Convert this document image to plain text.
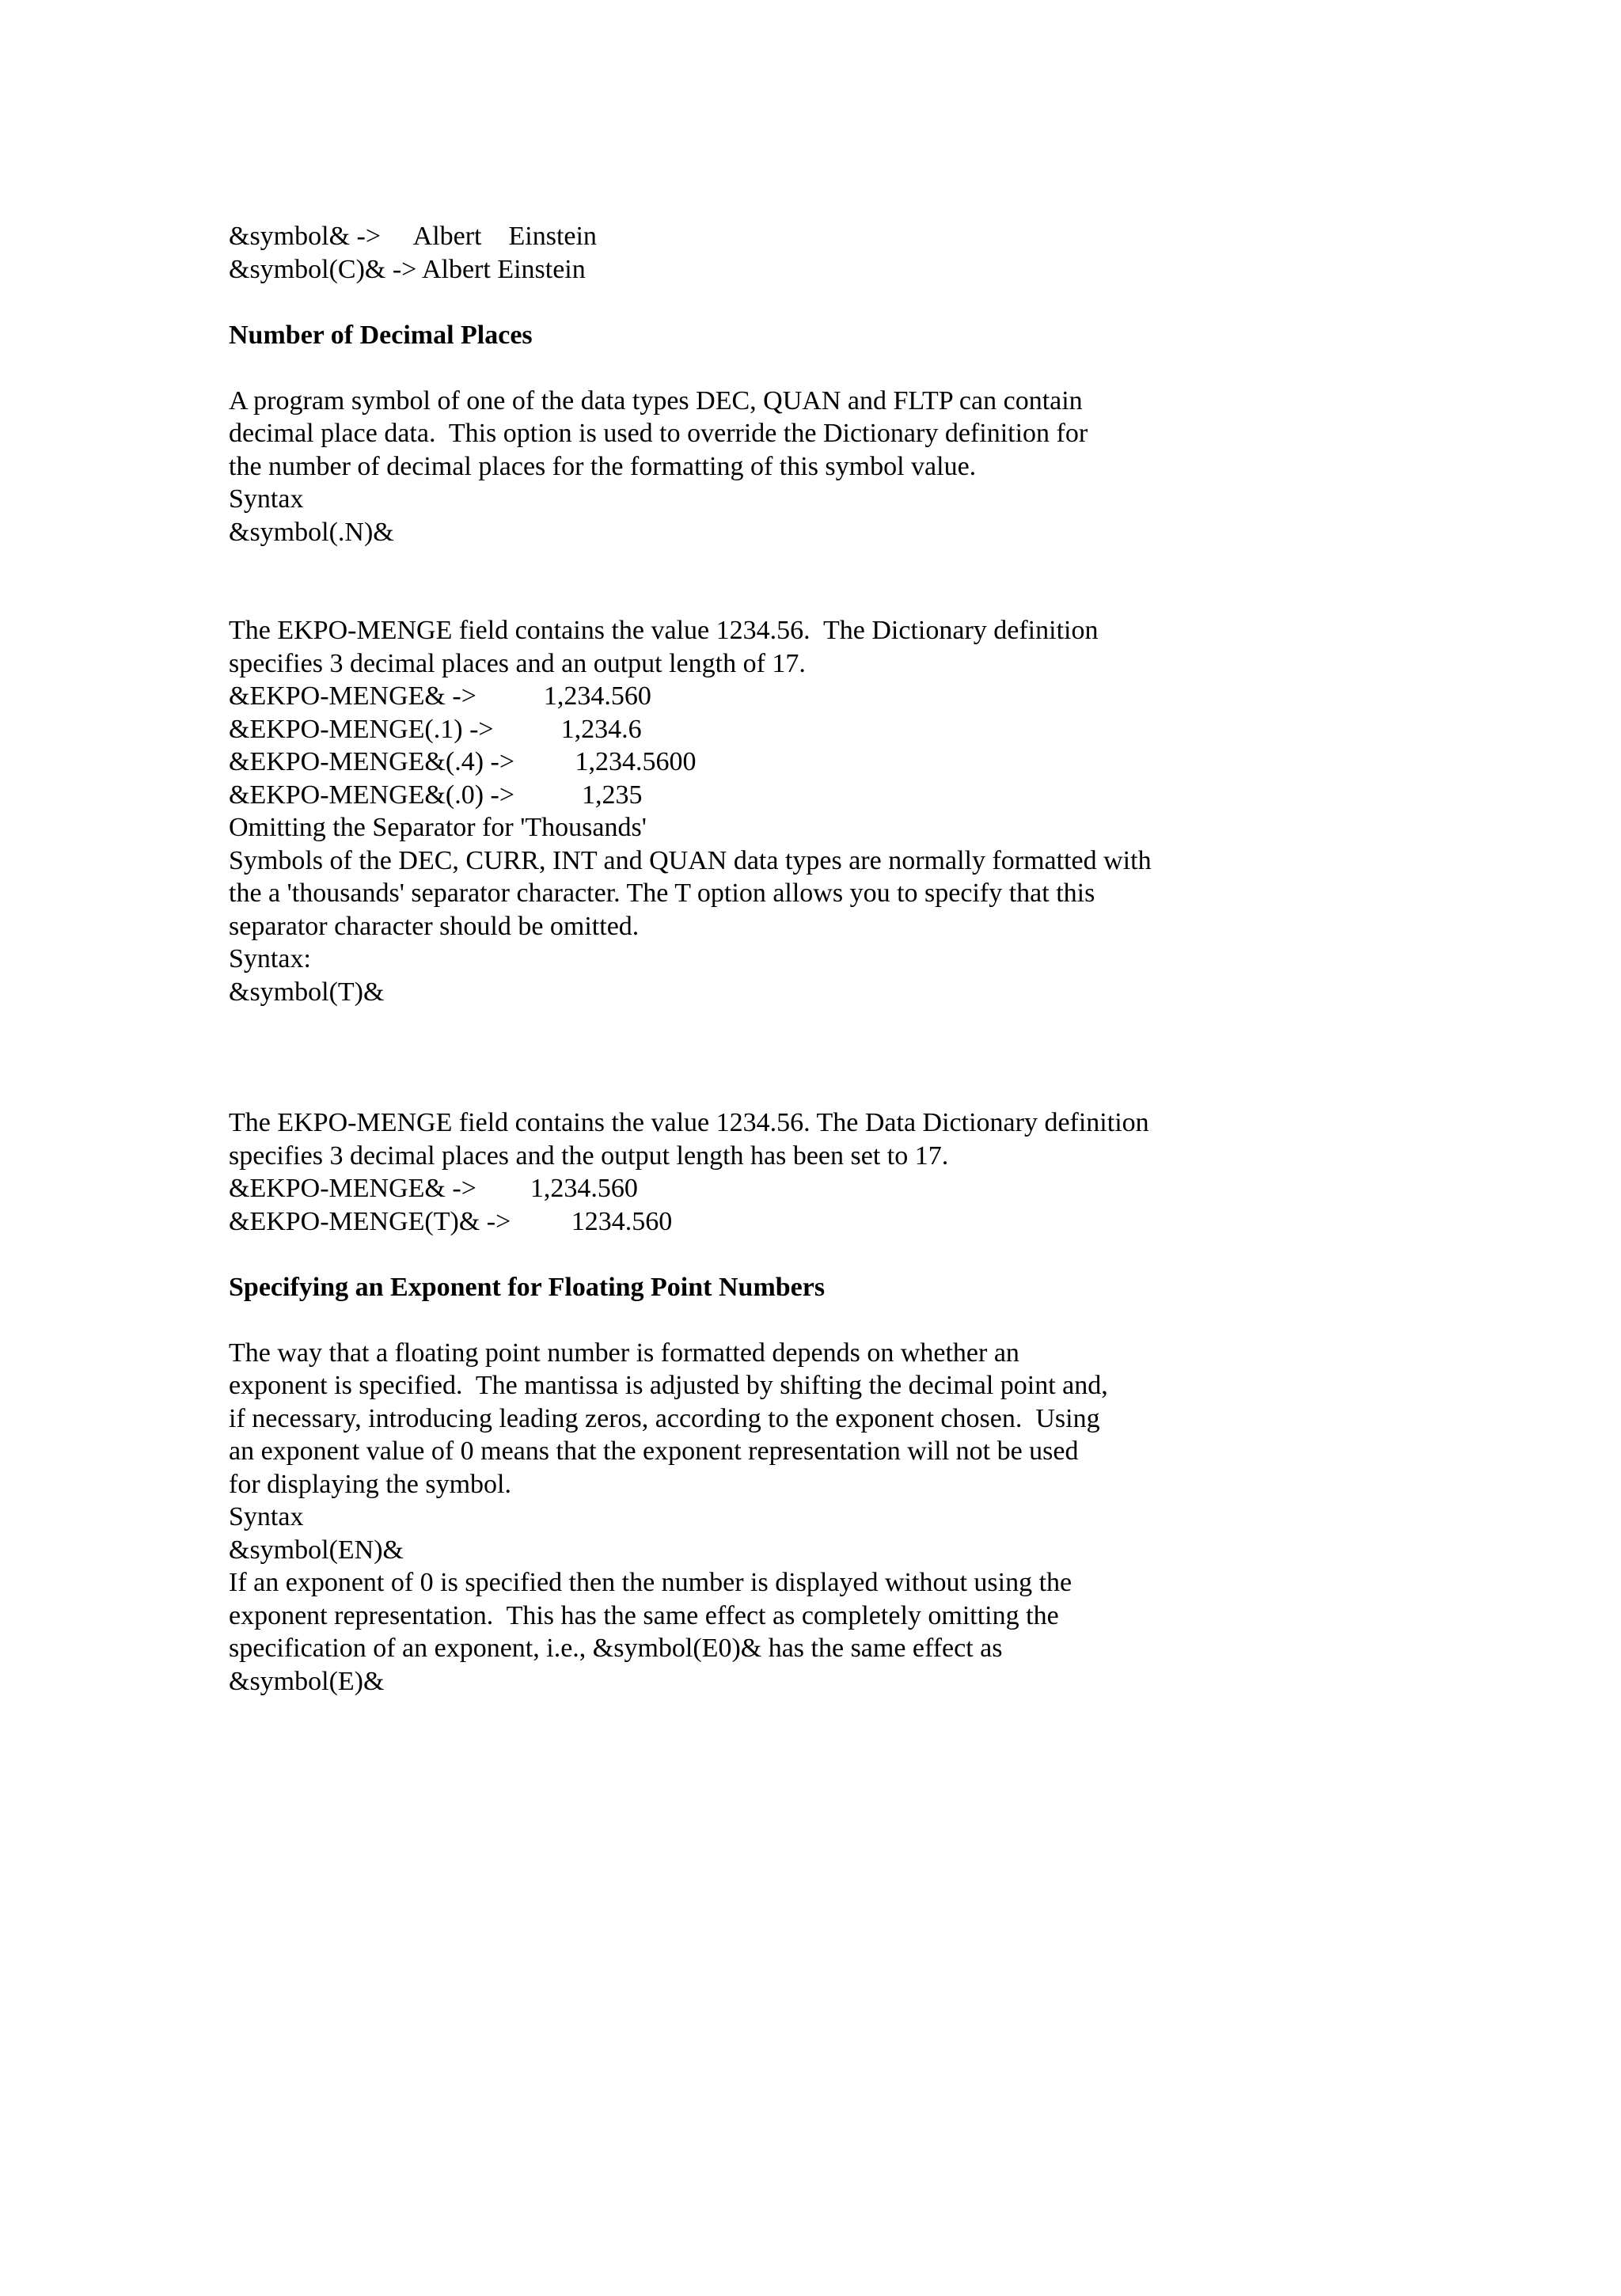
&symbol& ->     Albert    Einstein
&symbol(C)& -> Albert Einstein
Number of Decimal Places
A program symbol of one of the data types DEC, QUAN and FLTP can contain
decimal place data.  This option is used to override the Dictionary definition for
the number of decimal places for the formatting of this symbol value.
Syntax
&symbol(.N)&
The EKPO-MENGE field contains the value 1234.56.  The Dictionary definition
specifies 3 decimal places and an output length of 17.
&EKPO-MENGE& ->          1,234.560
&EKPO-MENGE(.1) ->          1,234.6
&EKPO-MENGE&(.4) ->         1,234.5600
&EKPO-MENGE&(.0) ->          1,235
Omitting the Separator for 'Thousands'
Symbols of the DEC, CURR, INT and QUAN data types are normally formatted with
the a 'thousands' separator character. The T option allows you to specify that this
separator character should be omitted.
Syntax:
&symbol(T)&
The EKPO-MENGE field contains the value 1234.56. The Data Dictionary definition
specifies 3 decimal places and the output length has been set to 17.
&EKPO-MENGE& ->        1,234.560
&EKPO-MENGE(T)& ->         1234.560
Specifying an Exponent for Floating Point Numbers
The way that a floating point number is formatted depends on whether an
exponent is specified.  The mantissa is adjusted by shifting the decimal point and,
if necessary, introducing leading zeros, according to the exponent chosen.  Using
an exponent value of 0 means that the exponent representation will not be used
for displaying the symbol.
Syntax
&symbol(EN)&
If an exponent of 0 is specified then the number is displayed without using the
exponent representation.  This has the same effect as completely omitting the
specification of an exponent, i.e., &symbol(E0)& has the same effect as
&symbol(E)&
